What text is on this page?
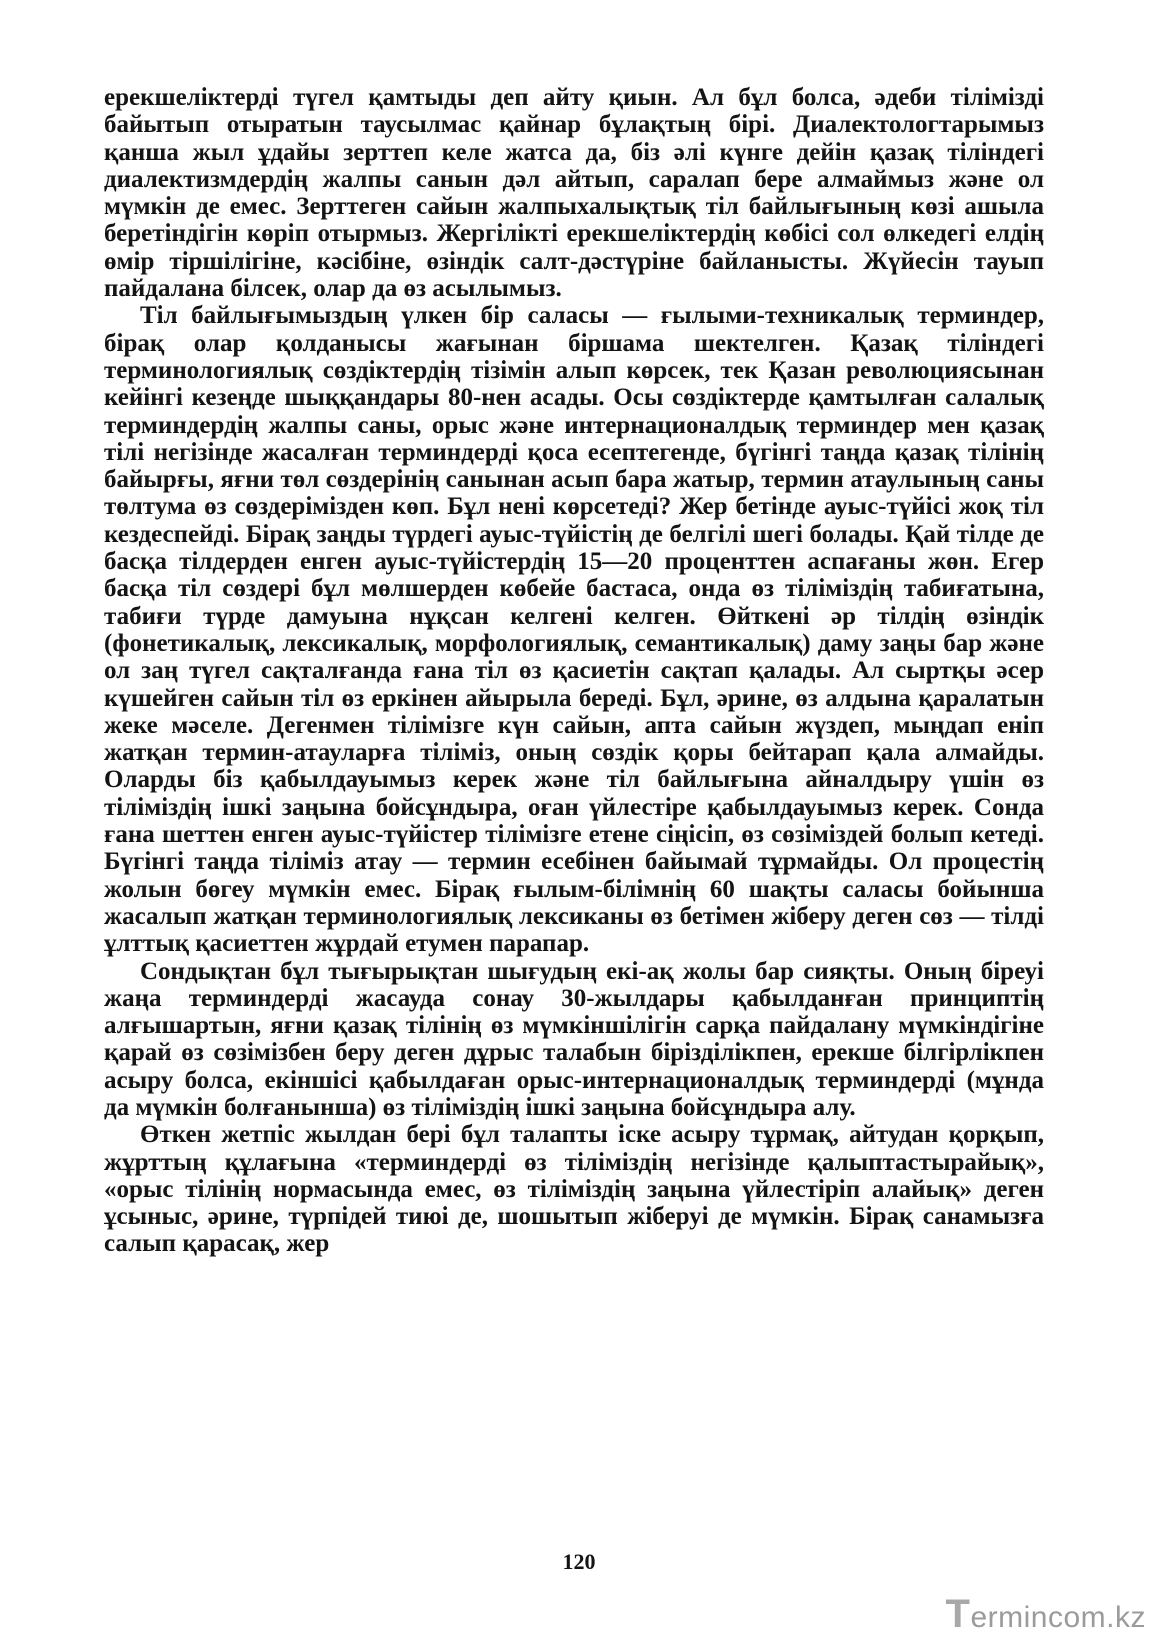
ерекшеліктерді түгел қамтыды деп айту қиын. Ал бұл болса, әдеби тілімізді байытып отыратын таусылмас қайнар бұлақтың бірі. Диалектологтарымыз қанша жыл ұдайы зерттеп келе жатса да, біз әлі күнге дейін қазақ тіліндегі диалектизмдердің жалпы санын дәл айтып, саралап бере алмаймыз және ол мүмкін де емес. Зерттеген сайын жалпыхалықтық тіл байлығының көзі ашыла беретіндігін көріп отырмыз. Жергілікті ерекшеліктердің көбісі сол өлкедегі елдің өмір тіршілігіне, кәсібіне, өзіндік салт-дәстүріне байланысты. Жүйесін тауып пайдалана білсек, олар да өз асылымыз.

Тіл байлығымыздың үлкен бір саласы — ғылыми-техникалық терминдер, бірақ олар қолданысы жағынан біршама шектелген. Қазақ тіліндегі терминологиялық сөздіктердің тізімін алып көрсек, тек Қазан революциясынан кейінгі кезеңде шыққандары 80-нен асады. Осы сөздіктерде қамтылған салалық терминдердің жалпы саны, орыс және интернационалдық терминдер мен қазақ тілі негізінде жасалған терминдерді қоса есептегенде, бүгінгі таңда қазақ тілінің байырғы, яғни төл сөздерінің санынан асып бара жатыр, термин атаулының саны төлтума өз сөздерімізден көп. Бұл нені көрсетеді? Жер бетінде ауыс-түйісі жоқ тіл кездеспейді. Бірақ заңды түрдегі ауыс-түйістің де белгілі шегі болады. Қай тілде де басқа тілдерден енген ауыс-түйістердің 15—20 проценттен аспағаны жөн. Егер басқа тіл сөздері бұл мөлшерден көбейе бастаса, онда өз тіліміздің табиғатына, табиғи түрде дамуына нұқсан келгені келген. Өйткені әр тілдің өзіндік (фонетикалық, лексикалық, морфологиялық, семантикалық) даму заңы бар және ол заң түгел сақталғанда ғана тіл өз қасиетін сақтап қалады. Ал сыртқы әсер күшейген сайын тіл өз еркінен айырыла береді. Бұл, әрине, өз алдына қаралатын жеке мәселе. Дегенмен тілімізге күн сайын, апта сайын жүздеп, мыңдап еніп жатқан термин-атауларға тіліміз, оның сөздік қоры бейтарап қала алмайды. Оларды біз қабылдауымыз керек және тіл байлығына айналдыру үшін өз тіліміздің ішкі заңына бойсұндыра, оған үйлестіре қабылдауымыз керек. Сонда ғана шеттен енген ауыс-түйістер тілімізге етене сіңісіп, өз сөзіміздей болып кетеді. Бүгінгі таңда тіліміз атау — термин есебінен байымай тұрмайды. Ол процестің жолын бөгеу мүмкін емес. Бірақ ғылым-білімнің 60 шақты саласы бойынша жасалып жатқан терминологиялық лексиканы өз бетімен жіберу деген сөз — тілді ұлттық қасиеттен жұрдай етумен парапар.

Сондықтан бұл тығырықтан шығудың екі-ақ жолы бар сияқты. Оның біреуі жаңа терминдерді жасауда сонау 30-жылдары қабылданған принциптің алғышартын, яғни қазақ тілінің өз мүмкіншілігін сарқа пайдалану мүмкіндігіне қарай өз сөзімізбен беру деген дұрыс талабын бірізділікпен, ерекше білгірлікпен асыру болса, екіншісі қабылдаған орыс-интернационалдық терминдерді (мұнда да мүмкін болғанынша) өз тіліміздің ішкі заңына бойсұндыра алу.

Өткен жетпіс жылдан бері бұл талапты іске асыру тұрмақ, айтудан қорқып, жұрттың құлағына «терминдерді өз тіліміздің негізінде қалыптастырайық», «орыс тілінің нормасында емес, өз тіліміздің заңына үйлестіріп алайық» деген ұсыныс, әрине, түрпідей тиюі де, шошытып жіберуі де мүмкін. Бірақ санамызға салып қарасақ, жер

120
Termincom.kz
